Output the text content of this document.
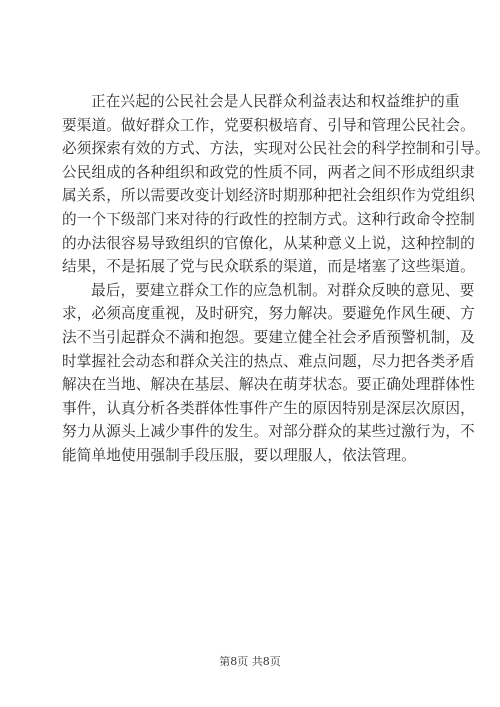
正在兴起的公民社会是人民群众利益表达和权益维护的重
要渠道。做好群众工作，党要积极培育、引导和管理公民社会。
必须探索有效的方式、方法，实现对公民社会的科学控制和引导。
公民组成的各种组织和政党的性质不同，两者之间不形成组织隶
属关系，所以需要改变计划经济时期那种把社会组织作为党组织
的一个下级部门来对待的行政性的控制方式。这种行政命令控制
的办法很容易导致组织的官僚化，从某种意义上说，这种控制的
结果，不是拓展了党与民众联系的渠道，而是堵塞了这些渠道。
最后，要建立群众工作的应急机制。对群众反映的意见、要
求，必须高度重视，及时研究，努力解决。要避免作风生硬、方
法不当引起群众不满和抱怨。要建立健全社会矛盾预警机制，及
时掌握社会动态和群众关注的热点、难点问题，尽力把各类矛盾
解决在当地、解决在基层、解决在萌芽状态。要正确处理群体性
事件，认真分析各类群体性事件产生的原因特别是深层次原因，
努力从源头上减少事件的发生。对部分群众的某些过激行为，不
能简单地使用强制手段压服，要以理服人，依法管理。
第8页 共8页
